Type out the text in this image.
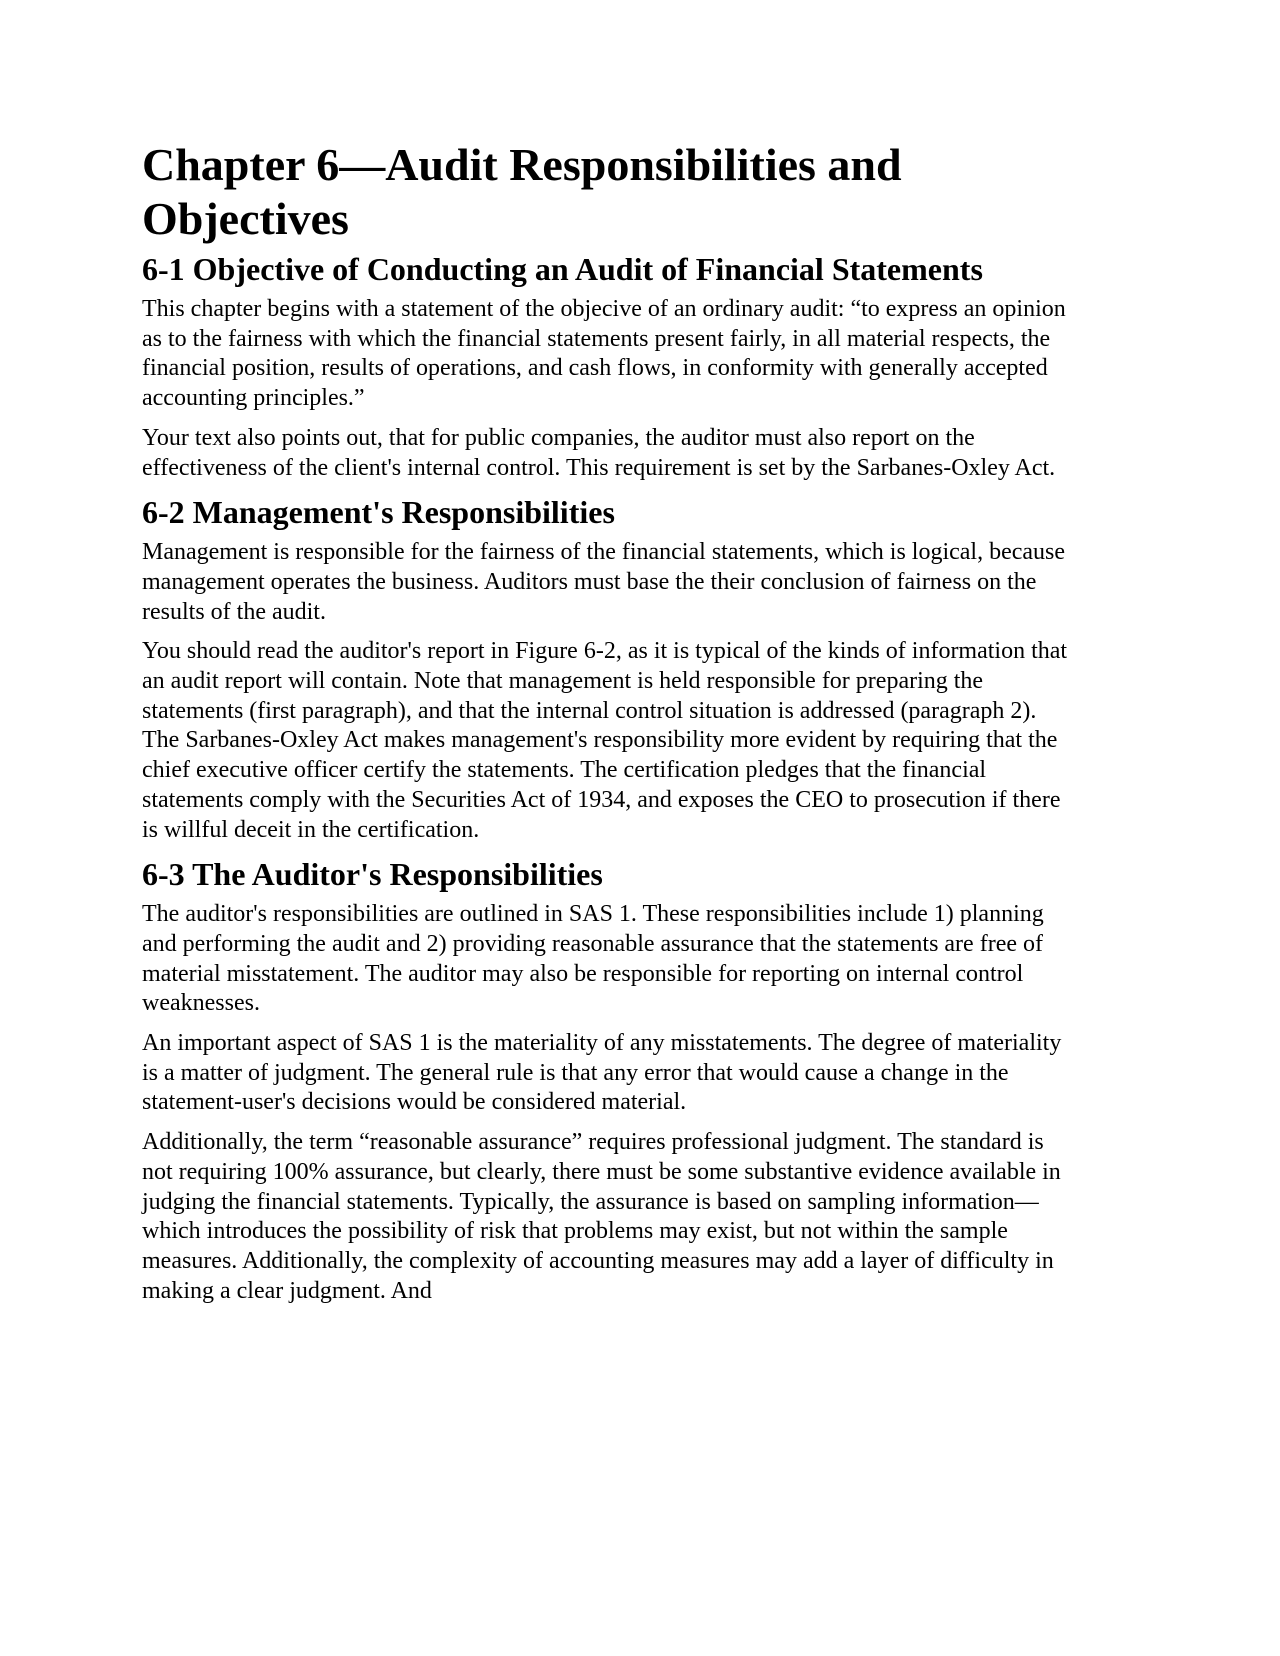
Chapter 6—Audit Responsibilities and Objectives
6-1 Objective of Conducting an Audit of Financial Statements

This chapter begins with a statement of the objecive of an ordinary audit: “to express an opinion as to the fairness with which the financial statements present fairly, in all material respects, the financial position, results of operations, and cash flows, in conformity with generally accepted accounting principles.”

Your text also points out, that for public companies, the auditor must also report on the effectiveness of the client's internal control. This requirement is set by the Sarbanes-Oxley Act.

6-2 Management's Responsibilities

Management is responsible for the fairness of the financial statements, which is logical, because management operates the business. Auditors must base the their conclusion of fairness on the results of the audit.

You should read the auditor's report in Figure 6-2, as it is typical of the kinds of information that an audit report will contain. Note that management is held responsible for preparing the statements (first paragraph), and that the internal control situation is addressed (paragraph 2). The Sarbanes-Oxley Act makes management's responsibility more evident by requiring that the chief executive officer certify the statements. The certification pledges that the financial statements comply with the Securities Act of 1934, and exposes the CEO to prosecution if there is willful deceit in the certification.

6-3 The Auditor's Responsibilities

The auditor's responsibilities are outlined in SAS 1. These responsibilities include 1) planning and performing the audit and 2) providing reasonable assurance that the statements are free of material misstatement. The auditor may also be responsible for reporting on internal control weaknesses.

An important aspect of SAS 1 is the materiality of any misstatements. The degree of materiality is a matter of judgment. The general rule is that any error that would cause a change in the statement-user's decisions would be considered material.

Additionally, the term “reasonable assurance” requires professional judgment. The standard is not requiring 100% assurance, but clearly, there must be some substantive evidence available in judging the financial statements. Typically, the assurance is based on sampling information—which introduces the possibility of risk that problems may exist, but not within the sample measures. Additionally, the complexity of accounting measures may add a layer of difficulty in making a clear judgment. And
